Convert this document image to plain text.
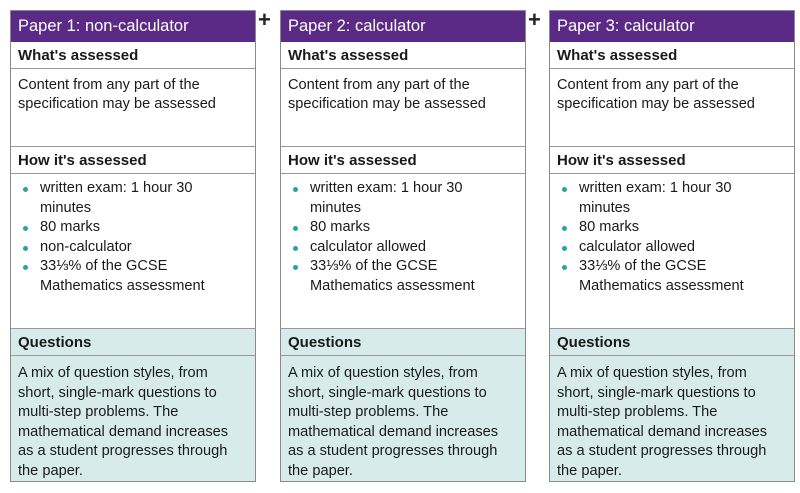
Paper 1: non-calculator
What's assessed
Content from any part of the specification may be assessed
How it's assessed
written exam: 1 hour 30 minutes
80 marks
non-calculator
33⅓% of the GCSE Mathematics assessment
Questions
A mix of question styles, from short, single-mark questions to multi-step problems. The mathematical demand increases as a student progresses through the paper.
+	Paper 2: calculator
What's assessed
Content from any part of the specification may be assessed
How it's assessed
written exam: 1 hour 30 minutes
80 marks
calculator allowed
33⅓% of the GCSE Mathematics assessment
Questions
A mix of question styles, from short, single-mark questions to multi-step problems. The mathematical demand increases as a student progresses through the paper.
+ Paper 3: calculator
What's assessed
Content from any part of the specification may be assessed
How it's assessed
written exam: 1 hour 30 minutes
80 marks
calculator allowed
33⅓% of the GCSE Mathematics assessment
Questions
A mix of question styles, from short, single-mark questions to multi-step problems. The mathematical demand increases as a student progresses through the paper.
